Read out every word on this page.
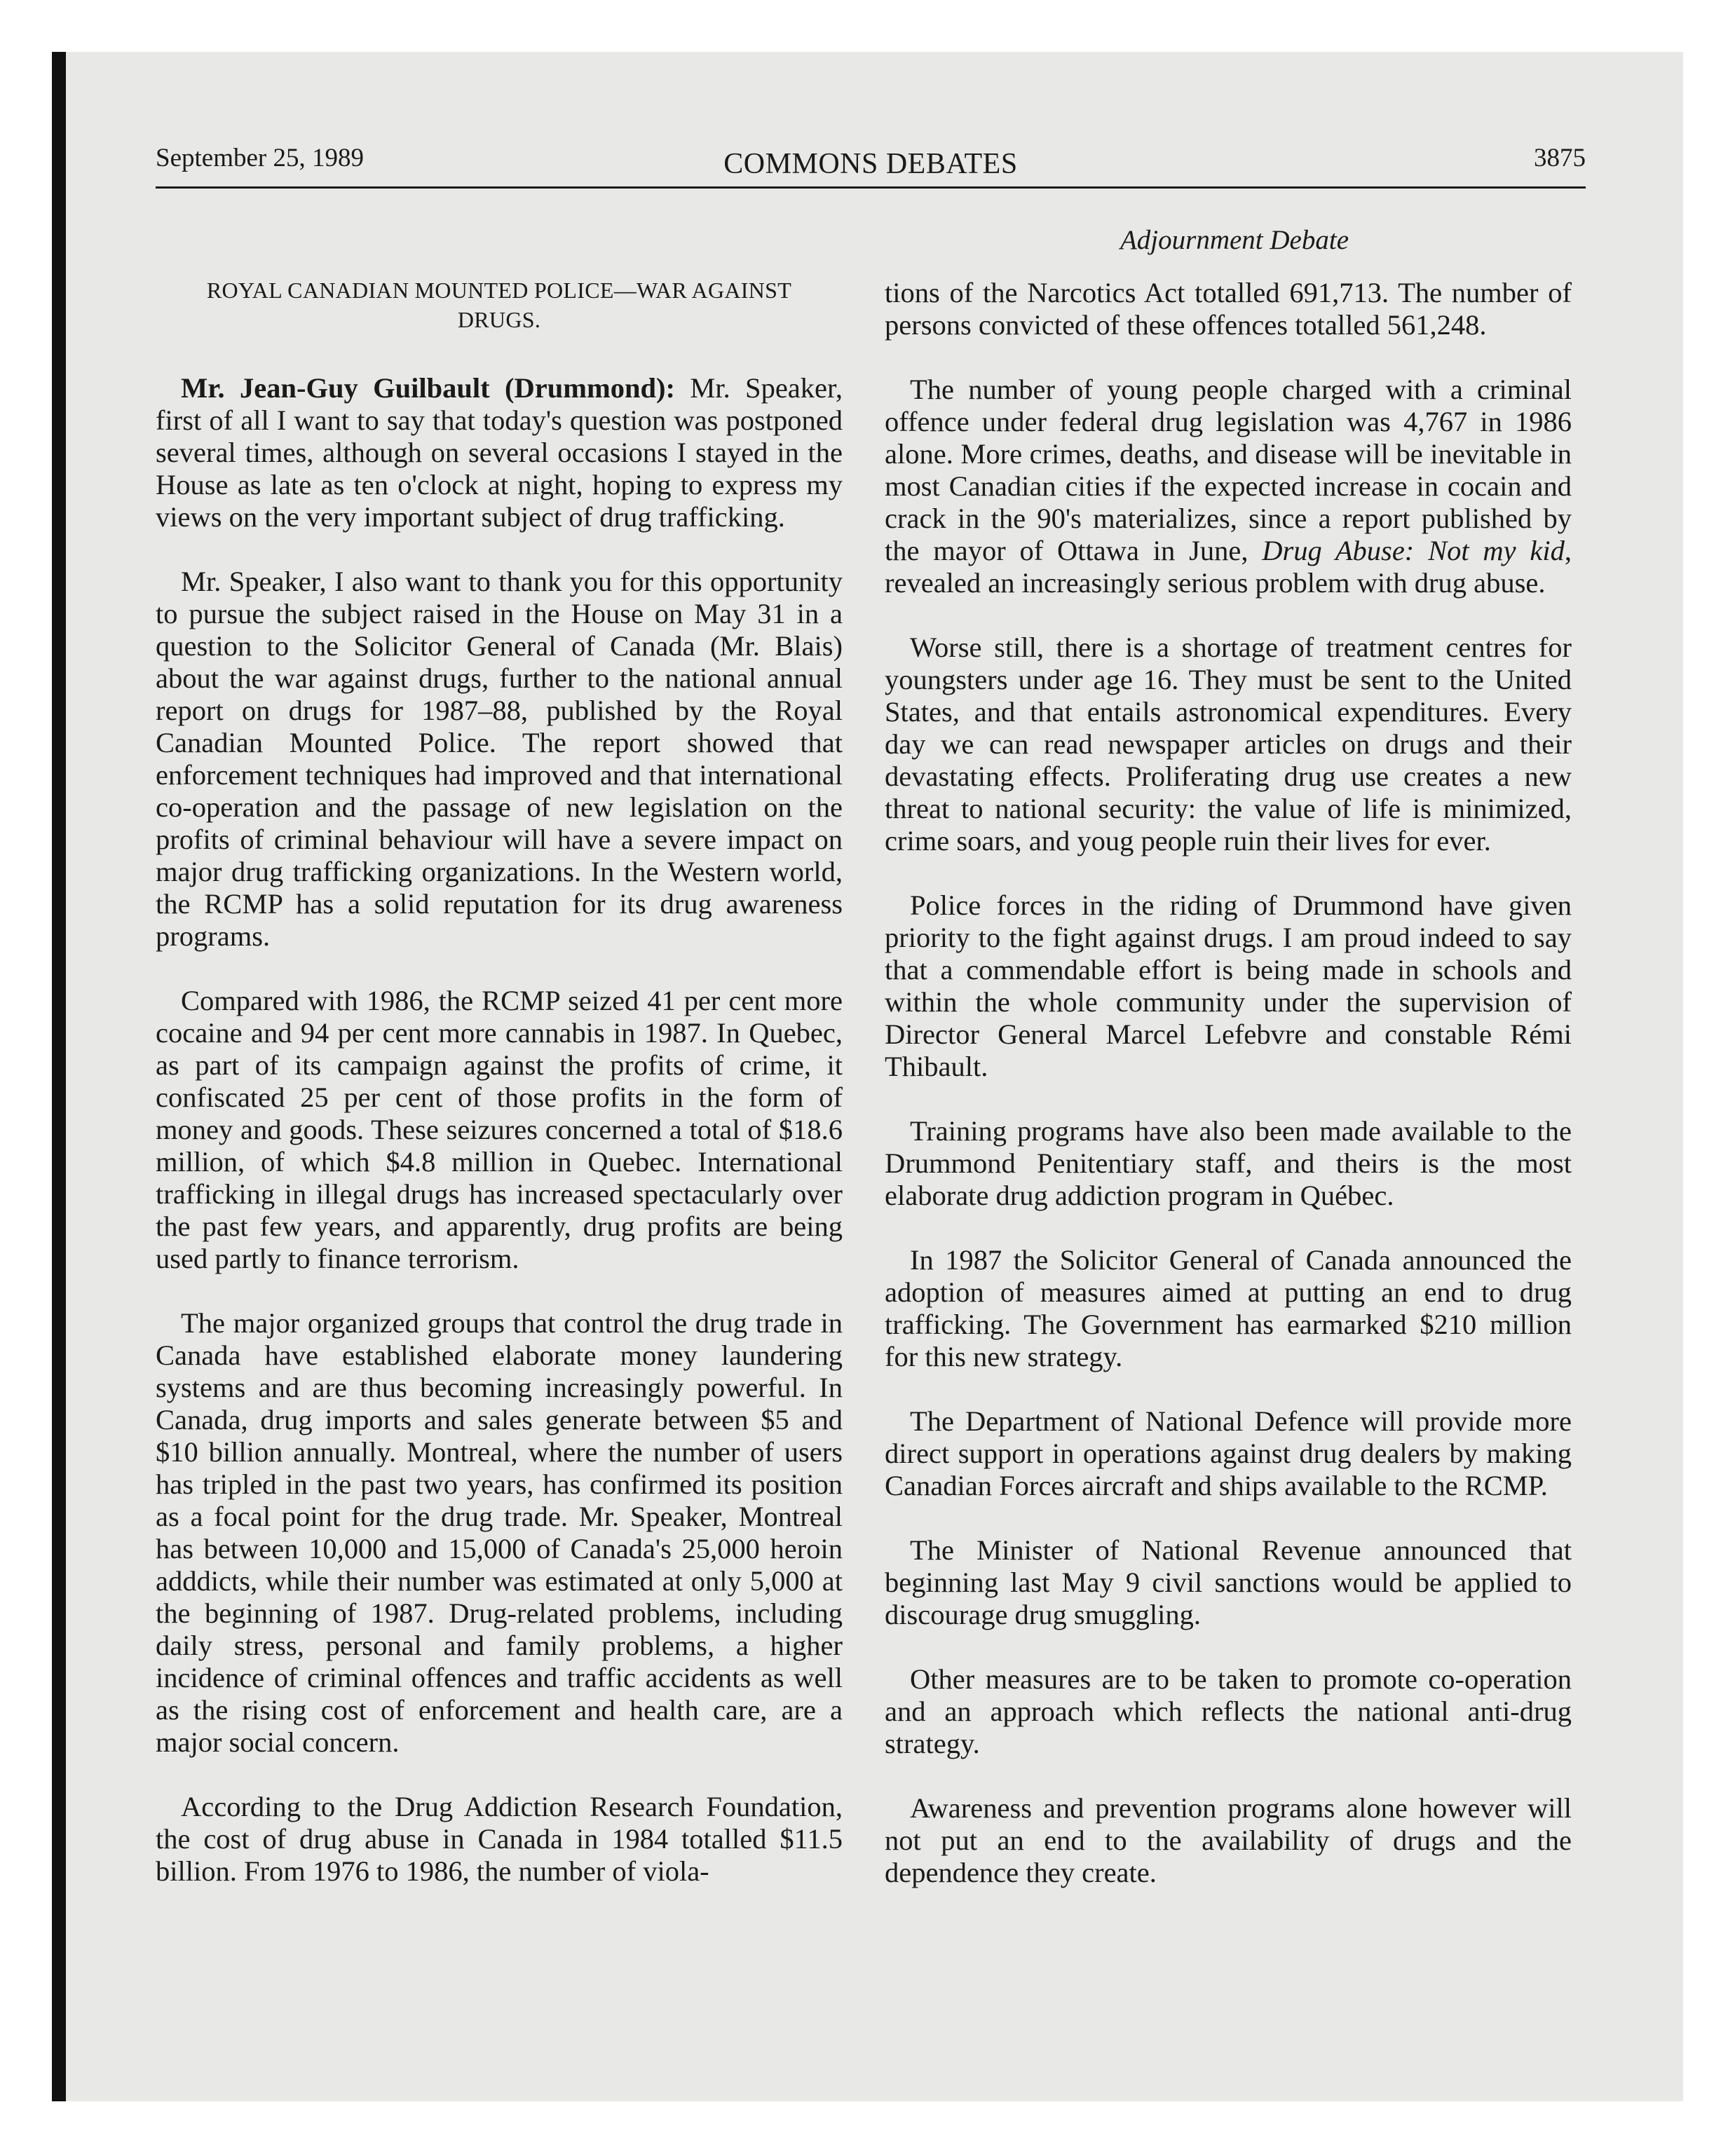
September 25, 1989	COMMONS DEBATES	3875
Adjournment Debate
ROYAL CANADIAN MOUNTED POLICE—WAR AGAINST DRUGS.

Mr. Jean-Guy Guilbault (Drummond): Mr. Speaker, first of all I want to say that today's question was postponed several times, although on several occasions I stayed in the House as late as ten o'clock at night, hoping to express my views on the very important subject of drug trafficking.

Mr. Speaker, I also want to thank you for this opportunity to pursue the subject raised in the House on May 31 in a question to the Solicitor General of Canada (Mr. Blais) about the war against drugs, further to the national annual report on drugs for 1987–88, published by the Royal Canadian Mounted Police. The report showed that enforcement techniques had improved and that international co-operation and the passage of new legislation on the profits of criminal behaviour will have a severe impact on major drug trafficking organizations. In the Western world, the RCMP has a solid reputation for its drug awareness programs.

Compared with 1986, the RCMP seized 41 per cent more cocaine and 94 per cent more cannabis in 1987. In Quebec, as part of its campaign against the profits of crime, it confiscated 25 per cent of those profits in the form of money and goods. These seizures concerned a total of $18.6 million, of which $4.8 million in Quebec. International trafficking in illegal drugs has increased spectacularly over the past few years, and apparently, drug profits are being used partly to finance terrorism.

The major organized groups that control the drug trade in Canada have established elaborate money laundering systems and are thus becoming increasingly powerful. In Canada, drug imports and sales generate between $5 and $10 billion annually. Montreal, where the number of users has tripled in the past two years, has confirmed its position as a focal point for the drug trade. Mr. Speaker, Montreal has between 10,000 and 15,000 of Canada's 25,000 heroin adddicts, while their number was estimated at only 5,000 at the beginning of 1987. Drug-related problems, including daily stress, personal and family problems, a higher incidence of criminal offences and traffic accidents as well as the rising cost of enforcement and health care, are a major social concern.

According to the Drug Addiction Research Foundation, the cost of drug abuse in Canada in 1984 totalled $11.5 billion. From 1976 to 1986, the number of viola-

tions of the Narcotics Act totalled 691,713. The number of persons convicted of these offences totalled 561,248.

The number of young people charged with a criminal offence under federal drug legislation was 4,767 in 1986 alone. More crimes, deaths, and disease will be inevitable in most Canadian cities if the expected increase in cocain and crack in the 90's materializes, since a report published by the mayor of Ottawa in June, Drug Abuse: Not my kid, revealed an increasingly serious problem with drug abuse.

Worse still, there is a shortage of treatment centres for youngsters under age 16. They must be sent to the United States, and that entails astronomical expenditures. Every day we can read newspaper articles on drugs and their devastating effects. Proliferating drug use creates a new threat to national security: the value of life is minimized, crime soars, and youg people ruin their lives for ever.

Police forces in the riding of Drummond have given priority to the fight against drugs. I am proud indeed to say that a commendable effort is being made in schools and within the whole community under the supervision of Director General Marcel Lefebvre and constable Rémi Thibault.

Training programs have also been made available to the Drummond Penitentiary staff, and theirs is the most elaborate drug addiction program in Québec.

In 1987 the Solicitor General of Canada announced the adoption of measures aimed at putting an end to drug trafficking. The Government has earmarked $210 million for this new strategy.

The Department of National Defence will provide more direct support in operations against drug dealers by making Canadian Forces aircraft and ships available to the RCMP.

The Minister of National Revenue announced that beginning last May 9 civil sanctions would be applied to discourage drug smuggling.

Other measures are to be taken to promote co-operation and an approach which reflects the national anti-drug strategy.

Awareness and prevention programs alone however will not put an end to the availability of drugs and the dependence they create.
